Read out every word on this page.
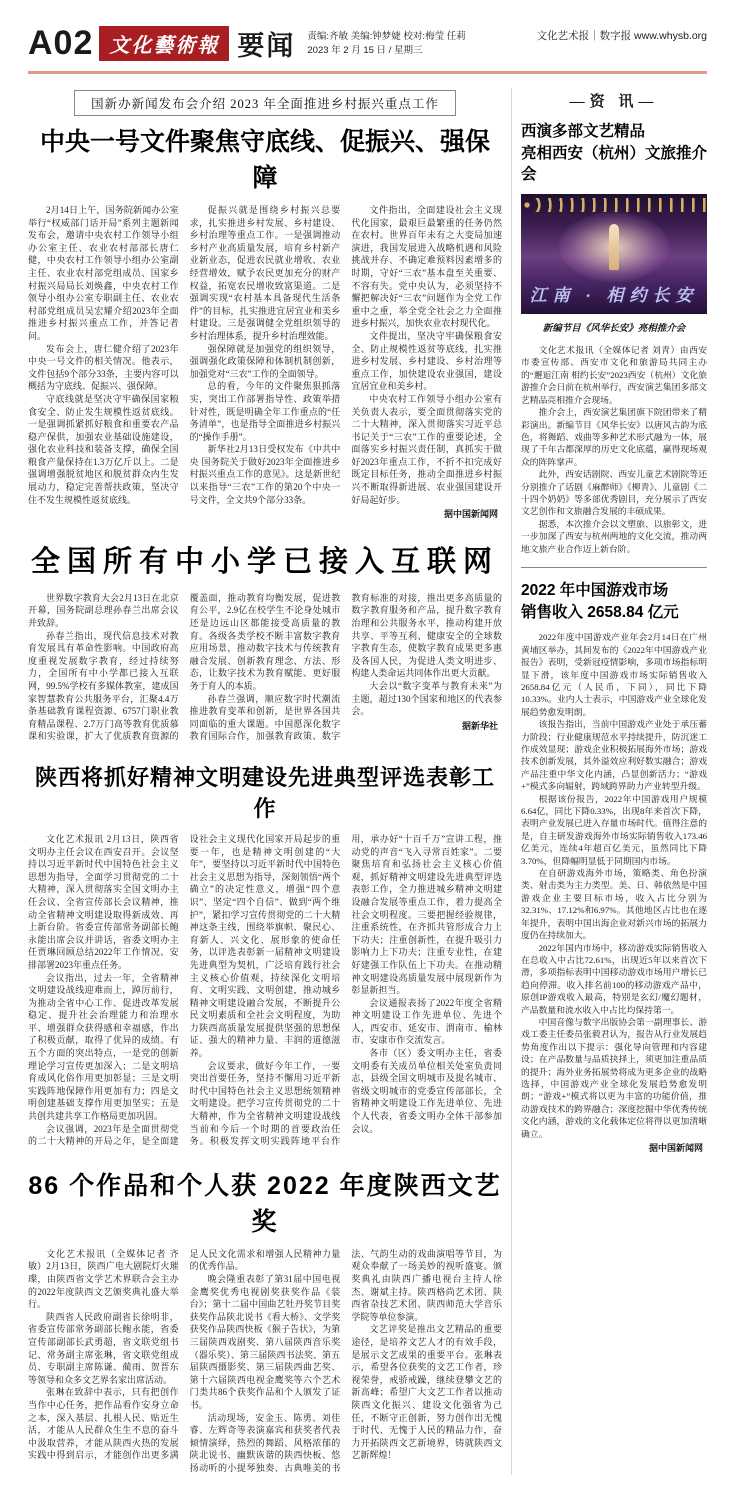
A02 文化藝術報 要闻 责编:齐敏 美编:钟梦婕 校对:梅莹 任莉
2023 年 2 月 15 日 / 星期三
文化艺术报｜数字报 www.whysb.org
国新办新闻发布会介绍 2023 年全面推进乡村振兴重点工作
中央一号文件聚焦守底线、促振兴、强保障

2月14日上午，国务院新闻办公室举行“权威部门话开局”系列主题新闻发布会，邀请中央农村工作领导小组办公室主任、农业农村部部长唐仁健，中央农村工作领导小组办公室副主任、农业农村部党组成员、国家乡村振兴局局长刘焕鑫，中央农村工作领导小组办公室专职副主任、农业农村部党组成员吴宏耀介绍2023年全面推进乡村振兴重点工作，并答记者问。

发布会上，唐仁健介绍了2023年中央一号文件的相关情况。他表示，文件包括9个部分33条，主要内容可以概括为守底线、促振兴、强保障。

守底线就是坚决守牢确保国家粮食安全、防止发生规模性返贫底线。一是强调抓紧抓好粮食和重要农产品稳产保供，加强农业基础设施建设，强化农业科技和装备支撑，确保全国粮食产量保持在1.3万亿斤以上。二是强调增强脱贫地区和脱贫群众内生发展动力，稳定完善帮扶政策，坚决守住不发生规模性返贫底线。

促振兴就是围绕乡村振兴总要求，扎实推进乡村发展、乡村建设、乡村治理等重点工作。一是强调推动乡村产业高质量发展，培育乡村新产业新业态，促进农民就业增收、农业经营增效，赋予农民更加充分的财产权益，拓宽农民增收致富渠道。二是强调实现“农村基本具备现代生活条件”的目标，扎实推进宜居宜业和美乡村建设。三是强调健全党组织领导的乡村治理体系，提升乡村治理效能。

强保障就是加强党的组织领导，强调强化政策保障和体制机制创新，加强党对“三农”工作的全面领导。

总的看，今年的文件聚焦狠抓落实，突出工作部署指导性、政策举措针对性，既是明确全年工作重点的“任务清单”，也是指导全面推进乡村振兴的“操作手册”。

新华社2月13日受权发布《中共中央 国务院关于做好2023年全面推进乡村振兴重点工作的意见》。这是新世纪以来指导“三农”工作的第20个中央一号文件，全文共9个部分33条。

文件指出，全面建设社会主义现代化国家，最艰巨最繁重的任务仍然在农村。世界百年未有之大变局加速演进，我国发展进入战略机遇和风险挑战并存、不确定难预料因素增多的时期，守好“三农”基本盘至关重要、不容有失。党中央认为，必须坚持不懈把解决好“三农”问题作为全党工作重中之重，举全党全社会之力全面推进乡村振兴，加快农业农村现代化。

文件提出，坚决守牢确保粮食安全、防止规模性返贫等底线，扎实推进乡村发展、乡村建设、乡村治理等重点工作，加快建设农业强国，建设宜居宜业和美乡村。

中央农村工作领导小组办公室有关负责人表示，要全面贯彻落实党的二十大精神，深入贯彻落实习近平总书记关于“三农”工作的重要论述，全面落实乡村振兴责任制，真抓实干做好2023年重点工作，不折不扣完成好既定目标任务，推动全面推进乡村振兴不断取得新进展、农业强国建设开好局起好步。

据中国新闻网
全国所有中小学已接入互联网

世界数字教育大会2月13日在北京开幕，国务院副总理孙春兰出席会议并致辞。

孙春兰指出，现代信息技术对教育发展具有革命性影响。中国政府高度重视发展数字教育，经过持续努力，全国所有中小学都已接入互联网，99.5%学校有多媒体教室，建成国家智慧教育公共服务平台，汇聚4.4万条基础教育课程资源、6757门职业教育精品课程、2.7万门高等教育优质慕课和实验课，扩大了优质教育资源的覆盖面，推动教育均衡发展，促进教育公平，2.9亿在校学生不论身处城市还是边远山区都能接受高质量的教育。各级各类学校不断丰富数字教育应用场景，推动数字技术与传统教育融合发展、创新教育理念、方法、形态，让数字技术为教育赋能、更好服务于育人的本质。

孙春兰强调，顺应数字时代潮流推进教育变革和创新，是世界各国共同面临的重大课题。中国愿深化数字教育国际合作，加强教育政策、数字教育标准的对接，推出更多高质量的数字教育服务和产品，提升数字教育治理和公共服务水平，推动构建开放共享、平等互利、健康安全的全球数字教育生态，使数字教育成果更多惠及各国人民，为促进人类文明进步、构建人类命运共同体作出更大贡献。

大会以“数字变革与教育未来”为主题，超过130个国家和地区的代表参会。

据新华社
陕西将抓好精神文明建设先进典型评选表彰工作

文化艺术报讯 2月13日，陕西省文明办主任会议在西安召开。会议坚持以习近平新时代中国特色社会主义思想为指导，全面学习贯彻党的二十大精神，深入贯彻落实全国文明办主任会议、全省宣传部长会议精神，推动全省精神文明建设取得新成效、再上新台阶。省委宣传部常务副部长鲍永能出席会议并讲话，省委文明办主任贾琳回顾总结2022年工作情况、安排部署2023年重点任务。

会议指出，过去一年，全省精神文明建设战线迎难而上，踔厉前行，为推动全省中心工作、促进改革发展稳定、提升社会治理能力和治理水平、增强群众获得感和幸福感，作出了积极贡献，取得了优异的成绩。有五个方面的突出特点，一是党的创新理论学习宣传更加深入；二是文明培育成风化俗作用更加彰显；三是文明实践阵地保障作用更加有力；四是文明创建基础支撑作用更加坚实；五是共创共建共享工作格局更加巩固。

会议强调，2023年是全面贯彻党的二十大精神的开局之年，是全面建设社会主义现代化国家开局起步的重要一年，也是精神文明创建的“大年”，要坚持以习近平新时代中国特色社会主义思想为指导，深刻领悟“两个确立”的决定性意义，增强“四个意识”、坚定“四个自信”、做到“两个维护”，紧扣学习宣传贯彻党的二十大精神这条主线，围绕举旗帜、聚民心、育新人、兴文化、展形象的使命任务，以评选表彰新一届精神文明建设先进典型为契机，广泛培育践行社会主义核心价值观，持续深化文明培育、文明实践、文明创建，推动城乡精神文明建设融合发展，不断提升公民文明素质和全社会文明程度，为助力陕西高质量发展提供坚强的思想保证、强大的精神力量、丰润的道德滋养。

会议要求，做好今年工作，一要突出首要任务，坚持不懈用习近平新时代中国特色社会主义思想统领精神文明建设。把学习宣传贯彻党的二十大精神，作为全省精神文明建设战线当前和今后一个时期的首要政治任务。积极发挥文明实践阵地平台作用，承办好“十百千万”宣讲工程，推动党的声音“飞入寻常百姓家”。二要聚焦培育和弘扬社会主义核心价值观，抓好精神文明建设先进典型评选表彰工作，全力推进城乡精神文明建设融合发展等重点工作，着力提高全社会文明程度。三要把握经验规律，注重系统性，在齐抓共管形成合力上下功夫；注重创新性，在提升吸引力影响力上下功夫；注重专业性，在建好建强工作队伍上下功夫。在推动精神文明建设高质量发展中展现新作为彰显新担当。

会议通报表扬了2022年度全省精神文明建设工作先进单位、先进个人，西安市、延安市、渭南市、榆林市、安康市作交流发言。

各市（区）委文明办主任，省委文明委有关成员单位相关处室负责同志，县级全国文明城市及提名城市、省级文明城市的党委宣传部部长，全省精神文明建设工作先进单位、先进个人代表，省委文明办全体干部参加会议。

86 个作品和个人获 2022 年度陕西文艺奖

文化艺术报讯（全媒体记者 齐敏）2月13日，陕西广电大剧院灯火璀璨，由陕西省文学艺术界联合会主办的2022年度陕西文艺颁奖典礼盛大举行。

陕西省人民政府副省长徐明非，省委宣传部常务副部长鲍永能，省委宣传部副部长武勇超，省文联党组书记、常务副主席张琳，省文联党组成员、专职副主席陈谦、蔺雨、贺晋东等领导和众多文艺界名家出席活动。

张琳在致辞中表示，只有把创作当作中心任务，把作品看作安身立命之本，深入基层、扎根人民、贴近生活，才能从人民群众生生不息的奋斗中汲取营养，才能从陕西火热的发展实践中得到启示，才能创作出更多满足人民文化需求和增强人民精神力量的优秀作品。

晚会隆重表彰了第31届中国电视金鹰奖优秀电视剧奖获奖作品《装台》；第十二届中国曲艺牡丹奖节目奖获奖作品陕北说书《看大桥》、文学奖获奖作品陕西快板《猴子告状》，为第三届陕西戏剧奖、第八届陕西音乐奖（器乐奖）、第三届陕西书法奖、第五届陕西摄影奖、第三届陕西曲艺奖、第十六届陕西电视金鹰奖等六个艺术门类共86个获奖作品和个人颁发了证书。

活动现场，安金玉、陈勇、刘佳睿、左辉奇等表演嘉宾和获奖者代表倾情演绎，热烈的舞蹈、风格浓郁的陕北说书、幽默诙谐的陕西快板、悠扬动听的小提琴独奏、古典唯美的书法、气韵生动的戏曲演唱等节目，为观众奉献了一场美妙的视听盛宴。颁奖典礼由陕西广播电视台主持人徐杰、谢斌主持。陕西格尚艺术团、陕西省杂技艺术团、陕西师范大学音乐学院等单位参演。

文艺评奖是推出文艺精品的重要途径，是培养文艺人才的有效手段，是展示文艺成果的重要平台。张琳表示，希望各位获奖的文艺工作者，珍视荣誉，戒骄戒躁，继续登攀文艺的新高峰；希望广大文艺工作者以推动陕西文化振兴、建设文化强省为己任，不断守正创新，努力创作出无愧于时代、无愧于人民的精品力作，奋力开拓陕西文艺新境界，铸就陕西文艺新辉煌！

—资 讯—
西演多部文艺精品
亮相西安（杭州）文旅推介会
江南 · 相约长安
新编节目《风华长安》亮相推介会

文化艺术报讯（全媒体记者 刘青）由西安市委宣传部、西安市文化和旅游局共同主办的“邂逅江南 相约长安”2023西安（杭州）文化旅游推介会日前在杭州举行，西安演艺集团多部文艺精品亮相推介会现场。

推介会上，西安演艺集团旗下院团带来了精彩演出。新编节目《风华长安》以唐风古韵为底色，将舞蹈、戏曲等多种艺术形式融为一体，展现了千年古都深厚的历史文化底蕴，赢得现场观众的阵阵掌声。

此外，西安话剧院、西安儿童艺术剧院等还分别推介了话剧《麻醉师》《柳青》、儿童剧《二十四个奶奶》等多部优秀剧目，充分展示了西安文艺创作和文旅融合发展的丰硕成果。

据悉，本次推介会以文塑旅、以旅彰文，进一步加深了西安与杭州两地的文化交流，推动两地文旅产业合作迈上新台阶。

2022 年中国游戏市场
销售收入 2658.84 亿元

2022年度中国游戏产业年会2月14日在广州黄埔区举办，其间发布的《2022年中国游戏产业报告》表明，受新冠疫情影响，多项市场指标明显下滑，该年度中国游戏市场实际销售收入2658.84亿元（人民币，下同），同比下降10.33%。业内人士表示，中国游戏产业全球化发展趋势愈发明朗。

该报告指出，当前中国游戏产业处于承压蓄力阶段；行业健康规范水平持续提升，防沉迷工作成效显现；游戏企业积极拓展海外市场；游戏技术创新发展，其外溢效应利好数实融合；游戏产品注重中华文化内涵，凸显创新活力；“游戏+”模式多向辐射，跨域跨界助力产业转型升级。

根据该份报告，2022年中国游戏用户规模6.64亿，同比下降0.33%，出现8年来首次下降，表明产业发展已进入存量市场时代。值得注意的是，自主研发游戏海外市场实际销售收入173.46亿美元，连续4年超百亿美元，虽然同比下降3.70%，但降幅明显低于同期国内市场。

在自研游戏海外市场，策略类、角色扮演类、射击类为主力类型。美、日、韩依然是中国游戏企业主要目标市场，收入占比分别为32.31%、17.12%和6.97%。其他地区占比也在逐年提升，表明中国出海企业对新兴市场的拓展力度仍在持续加大。

2022年国内市场中，移动游戏实际销售收入在总收入中占比72.61%，出现近5年以来首次下滑，多项指标表明中国移动游戏市场用户增长已趋向停滞。收入排名前100的移动游戏产品中，原创IP游戏收入最高，特别是玄幻/魔幻题材，产品数量和流水收入中占比均保持第一。

中国音像与数字出版协会第一副理事长、游戏工委主任委员张毅君认为，报告从行业发展趋势角度作出以下提示：强化导向管理和内容建设；在产品数量与品质抉择上，须更加注重品质的提升；海外业务拓展势将成为更多企业的战略选择，中国游戏产业全球化发展趋势愈发明朗；“游戏+”模式将以更为丰富的功能价值，推动游戏技术的跨界融合；深度挖掘中华优秀传统文化内涵，游戏的文化载体定位将得以更加清晰确立。

据中国新闻网
